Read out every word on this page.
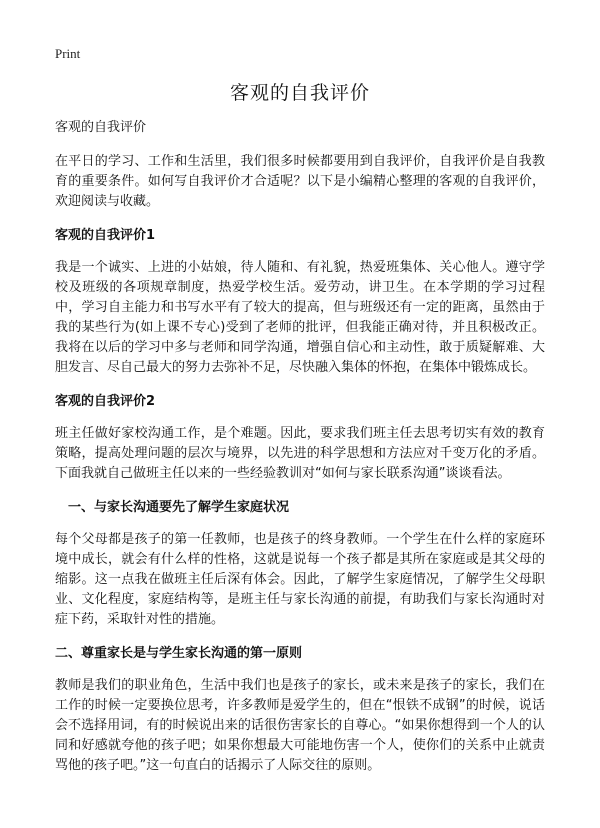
Print
客观的自我评价

客观的自我评价

在平日的学习、工作和生活里，我们很多时候都要用到自我评价，自我评价是自我教育的重要条件。如何写自我评价才合适呢？以下是小编精心整理的客观的自我评价，欢迎阅读与收藏。

客观的自我评价1

我是一个诚实、上进的小姑娘，待人随和、有礼貌，热爱班集体、关心他人。遵守学校及班级的各项规章制度，热爱学校生活。爱劳动，讲卫生。在本学期的学习过程中，学习自主能力和书写水平有了较大的提高，但与班级还有一定的距离，虽然由于我的某些行为(如上课不专心)受到了老师的批评，但我能正确对待，并且积极改正。我将在以后的学习中多与老师和同学沟通，增强自信心和主动性，敢于质疑解难、大胆发言、尽自己最大的努力去弥补不足，尽快融入集体的怀抱，在集体中锻炼成长。

客观的自我评价2

班主任做好家校沟通工作，是个难题。因此，要求我们班主任去思考切实有效的教育策略，提高处理问题的层次与境界，以先进的科学思想和方法应对千变万化的矛盾。下面我就自己做班主任以来的一些经验教训对“如何与家长联系沟通”谈谈看法。

一、与家长沟通要先了解学生家庭状况

每个父母都是孩子的第一任教师，也是孩子的终身教师。一个学生在什么样的家庭环境中成长，就会有什么样的性格，这就是说每一个孩子都是其所在家庭或是其父母的缩影。这一点我在做班主任后深有体会。因此，了解学生家庭情况，了解学生父母职业、文化程度，家庭结构等，是班主任与家长沟通的前提，有助我们与家长沟通时对症下药，采取针对性的措施。

二、尊重家长是与学生家长沟通的第一原则

教师是我们的职业角色，生活中我们也是孩子的家长，或未来是孩子的家长，我们在工作的时候一定要换位思考，许多教师是爱学生的，但在“恨铁不成钢”的时候，说话会不选择用词，有的时候说出来的话很伤害家长的自尊心。“如果你想得到一个人的认同和好感就夸他的孩子吧；如果你想最大可能地伤害一个人，使你们的关系中止就责骂他的孩子吧。”这一句直白的话揭示了人际交往的原则。
